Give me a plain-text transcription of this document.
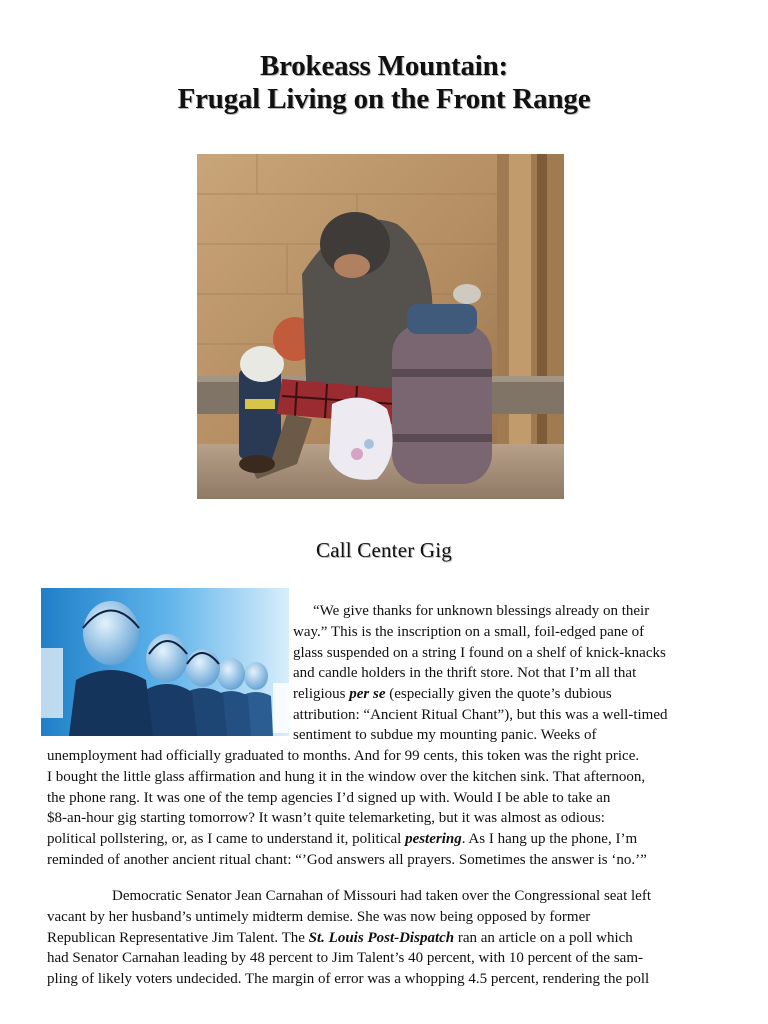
Brokeass Mountain:
Frugal Living on the Front Range
Call Center Gig
“We give thanks for unknown blessings already on their
way.” This is the inscription on a small, foil-edged pane of
glass suspended on a string I found on a shelf of knick-knacks
and candle holders in the thrift store. Not that I’m all that
religious per se (especially given the quote’s dubious
attribution: “Ancient Ritual Chant”), but this was a well-timed
sentiment to subdue my mounting panic. Weeks of
unemployment had officially graduated to months. And for 99 cents, this token was the right price.
I bought the little glass affirmation and hung it in the window over the kitchen sink. That afternoon,
the phone rang. It was one of the temp agencies I’d signed up with. Would I be able to take an
$8-an-hour gig starting tomorrow? It wasn’t quite telemarketing, but it was almost as odious:
political pollstering, or, as I came to understand it, political pestering. As I hang up the phone, I’m
reminded of another ancient ritual chant: “’God answers all prayers. Sometimes the answer is ‘no.’”
Democratic Senator Jean Carnahan of Missouri had taken over the Congressional seat left
vacant by her husband’s untimely midterm demise. She was now being opposed by former
Republican Representative Jim Talent. The St. Louis Post-Dispatch ran an article on a poll which
had Senator Carnahan leading by 48 percent to Jim Talent’s 40 percent, with 10 percent of the sam-
pling of likely voters undecided. The margin of error was a whopping 4.5 percent, rendering the poll
